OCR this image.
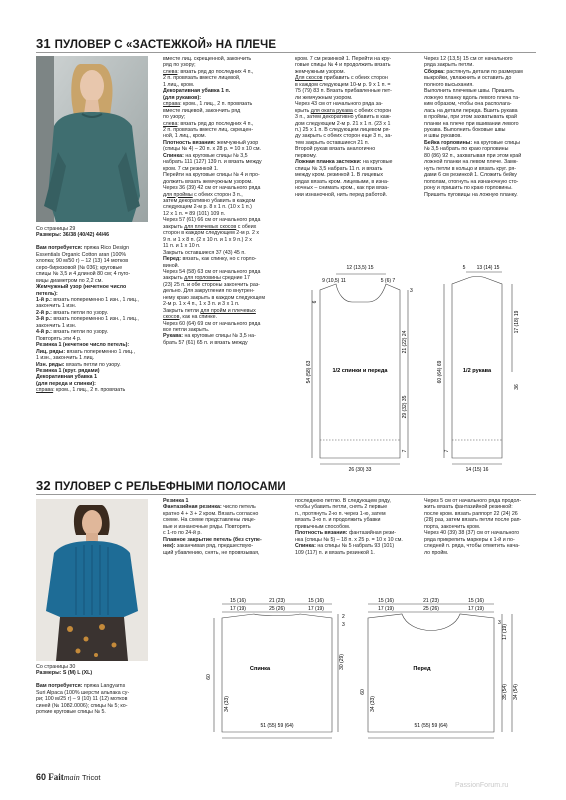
31 ПУЛОВЕР С «ЗАСТЕЖКОЙ» НА ПЛЕЧЕ

Со страницы 29

Размеры: 36/38 (40/42) 44/46

Вам потребуется: пряжа Rico Design

Essentials Organic Cotton aran (100%

хлопка; 90 м/50 г) – 12 (13) 14 мотков

серо-бирюзовой (№ 036); круговые

спицы № 3,5 и 4 длиной 80 см; 4 пуго-

вицы диаметром по 2,2 см.

Жемчужный узор (нечетное число

петель):

1-й р.: вязать попеременно 1 изн., 1 лиц.,

закончить 1 изн.

2-й р.: вязать петли по узору.

3-й р.: вязать попеременно 1 изн., 1 лиц.,

закончить 1 изн.

4-й р.: вязать петли по узору.

Повторять эти 4 р.

Резинка 1 (нечетное число петель):

Лиц. ряды: вязать попеременно 1 лиц.,

1 изн., закончить 1 лиц.

Изн. ряды: вязать петли по узору.

Резинка 1 (круг. рядами)

Декоративная убавка 1

(для переда и спинки):

справа: кром., 1 лиц., 2 п. провязать

вместе лиц. скрещенной, закончить

ряд по узору;

слева: вязать ряд до последних 4 п.,

2 п. провязать вместе лицевой,

1 лиц., кром.

Декоративная убавка 1 п.

(для рукавов):

справа: кром., 1 лиц., 2 п. провязать

вместе лицевой, закончить ряд

по узору;

слева: вязать ряд до последних 4 п.,

2 п. провязать вместе лиц. скрещен-

ной, 1 лиц., кром.

Плотность вязания: жемчужный узор

(спицы № 4) – 20 п. x 28 р. = 10 x 10 см.

Спинка: на круговые спицы № 3,5

набрать 111 (127) 139 п. и вязать между

кром. 7 см резинкой 1.

Перейти на круговые спицы № 4 и про-

должить вязать жемчужным узором.

Через 36 (39) 42 см от начального ряда

для проймы с обеих сторон 3 п.,

затем декоративно убавить в каждом

следующем 2-м р. 8 x 1 п. (10 x 1 п.)

12 x 1 п. = 89 (101) 109 п.

Через 57 (61) 66 см от начального ряда

закрыть для плечевых скосов с обеих

сторон в каждом следующем 2-м р. 2 x

9 п. и 1 x 8 п. (2 x 10 п. и 1 x 9 п.) 2 x

11 п. и 1 x 10 п.

Закрыть оставшиеся 37 (43) 45 п.

Перед: вязать, как спинку, но с горло-

виной.

Через 54 (58) 63 см от начального ряда

закрыть для горловины средние 17

(23) 25 п. и обе стороны закончить раз-

дельно. Для закругления по внутрен-

нему краю закрыть в каждом следующем

2-м р. 1 x 4 п., 1 x 3 п. и 3 x 1 п.

Закрыть петли для пройм и плечевых

скосов, как на спинке.

Через 60 (64) 69 см от начального ряда

все петли закрыть.

Рукава: на круговые спицы № 3,5 на-

брать 57 (61) 65 п. и вязать между

кром. 7 см резинкой 1. Перейти на кру-

говые спицы № 4 и продолжить вязать

жемчужным узором.

Для скосов прибавить с обеих сторон

в каждом следующем 10-м р. 9 x 1 п. =

75 (79) 83 п. Вязать прибавленные пет-

ли жемчужным узором.

Через 43 см от начального ряда за-

крыть для оката рукава с обеих сторон

3 п., затем декоративно убавить в каж-

дом следующем 2-м р. 21 x 1 п. (23 x 1

п.) 25 x 1 п. В следующем лицевом ря-

ду закрыть с обеих сторон еще 3 п., за-

тем закрыть оставшиеся 21 п.

Второй рукав вязать аналогично

первому.

Ложная планка застежки: на круговые

спицы № 3,5 набрать 11 п. и вязать

между кром. резинкой 1. В лицевых

рядах вязать кром. лицевыми, в изна-

ночных – снимать кром., как при вяза-

нии изнаночной, нить перед работой.

Через 12 (13,5) 15 см от начального

ряда закрыть петли.

Сборка: растянуть детали по размерам

выкройки, увлажнить и оставить до

полного высыхания.

Выполнить плечевые швы. Пришить

ложную планку вдоль левого плеча та-

ким образом, чтобы она располага-

лась на детали переда. Вшить рукава

в проймы, при этом захватывать край

планки на плече при вшивании левого

рукава. Выполнить боковые швы

и швы рукавов.

Бейка горловины: на круговые спицы

№ 3,5 набрать по краю горловины

80 (86) 92 п., захватывая при этом край

ложной планки на левом плече. Замк-

нуть петли в кольцо и вязать круг. ря-

дами 6 см резинкой 1. Сложить бейку

пополам, отогнуть на изнаночную сто-

рону и пришить по краю горловины.

Пришить пуговицы на ложную планку.

12 (13,5) 15
9 (10,5) 11	5 (6) 7
6
3
21 (22) 24
54 (58) 63	1/2 спинки и переда
29 (32) 35
7
26 (30) 33
13 (14) 15
5
17 (18) 19
60 (64) 69	1/2 рукава
36
7
14 (15) 16
32 ПУЛОВЕР С РЕЛЬЕФНЫМИ ПОЛОСАМИ

Со страницы 30

Размеры: S (M) L (XL)

Вам потребуется: пряжа Langyarns

Suri Alpaca (100% шерсти альпака су-

ри; 100 м/25 г) – 9 (10) 11 (12) мотков

синей (№ 1082.0006); спицы № 5; ко-

роткие круговые спицы № 5.

Резинка 1

Фантазийная резинка: число петель

кратно 4 + 3 + 2 кром. Вязать согласно

схеме. На схеме представлены лице-

вые и изнаночные ряды. Повторять

с 1-го по 24-й р.

Плавное закрытие петель (без ступе-

нек): заканчивая ряд, предшествую-

щий убавлению, снять, не провязывая,

последнюю петлю. В следующем ряду,

чтобы убавить петли, снять 2 первые

п., протянуть 2-ю п. через 1-ю, затем

вязать 3-ю п. и продолжить убавки

привычным способом.

Плотность вязания: фантазийная рези-

нка (спицы № 5) – 18 п. x 25 р. = 10 x 10 см.

Спинка: на спицы № 5 набрать 93 (101)

109 (117) п. и вязать резинкой 1.

Через 5 см от начального ряда продол-

жить вязать фантазийной резинкой:

после кром. вязать раппорт 22 (24) 26

(28) раз, затем вязать петли после рап-

порта, закончить кром.

Через 40 (39) 38 (37) см от начального

ряда прикрепить маркеры к 1-й и по-

следней п. ряда, чтобы отметить нача-

ло пройм.

15 (16)	21 (23)	15 (16)
17 (19)	25 (26)	17 (19)
2
3
30 (29)
60
Спинка
34 (33)
51 (55) 59 (64)
15 (16)	21 (23)	15 (16)
17 (19)	25 (26)	17 (19)
17 (19)
3
35 (54) 34 (54)
Перед
60
34 (33)
51 (55) 59 (64)
60 Faitmain Tricot
PassionForum.ru
